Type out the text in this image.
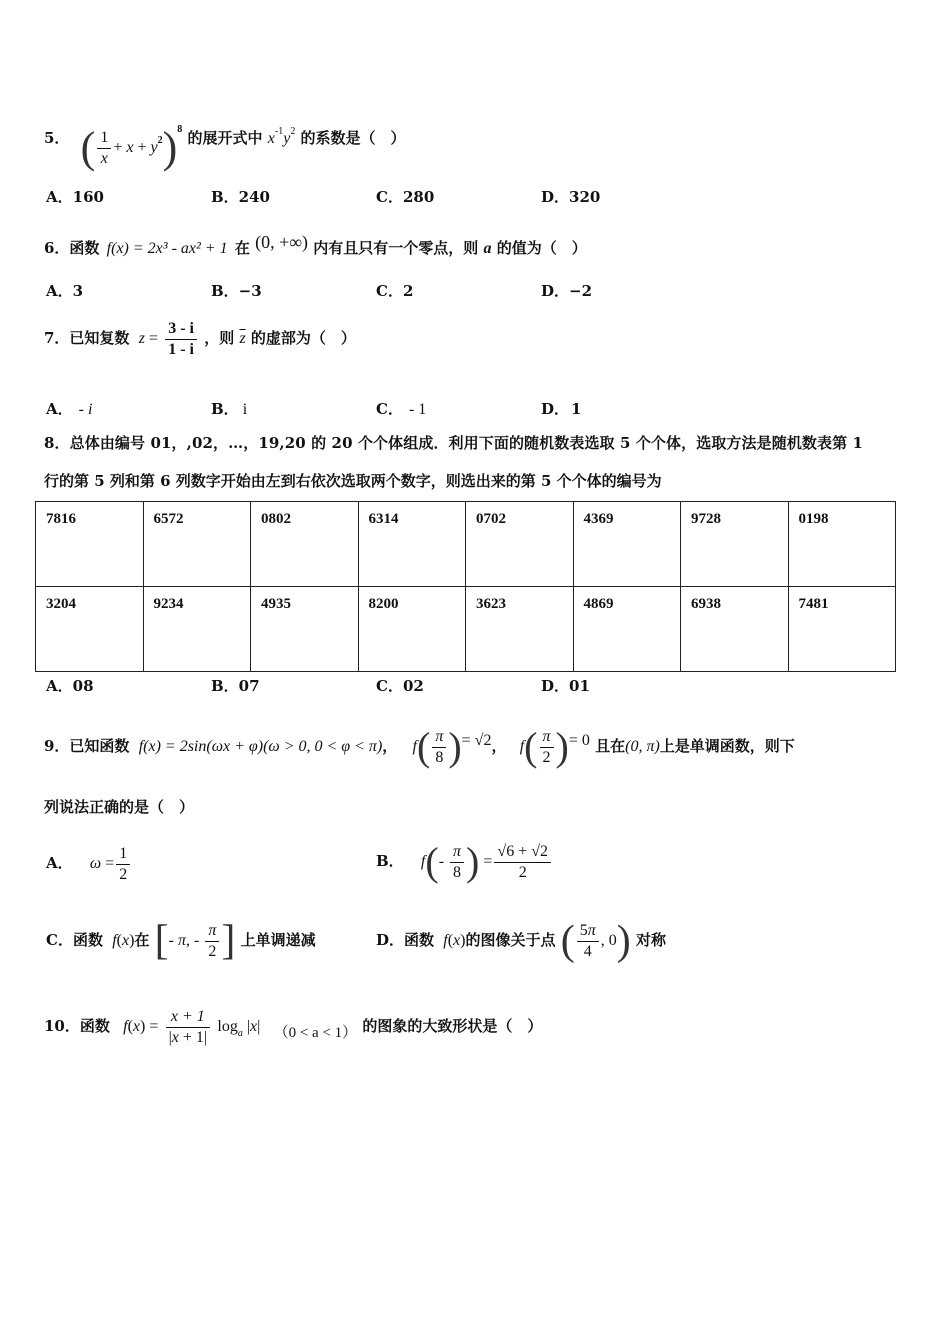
5． ( $\frac{1}{x} + x + y^2)^8$ 的展开式中 $x^{-1}y^2$ 的系数是（　）
A．160	B．240	C．280	D．320
6．函数 f(x) = 2x³ - ax² + 1 在 (0, +∞) 内有且只有一个零点，则 a 的值为（　）
A．3	B．−3	C．2	D．−2
7．已知复数 $z = \frac{3 - i}{1 - i}$ ，则 $\overline{z}$ 的虚部为（　）
A． - i	B． i	C． - 1	D． 1
8．总体由编号 01，,02，…，19,20 的 20 个个体组成．利用下面的随机数表选取 5 个个体，选取方法是随机数表第 1
行的第 5 列和第 6 列数字开始由左到右依次选取两个数字，则选出来的第 5 个个体的编号为
7816	6572	0802	6314	0702	4369	9728	0198

3204	9234	4935	8200	3623	4869	6938	7481
A．08	B．07	C．02	D．01
9．已知函数 f(x) = 2sin(ωx + φ)(ω > 0, 0 < φ < π)， $f( \frac{\pi}{8}$ )= √2， $f( \frac{\pi}{2}$ )= 0 且在(0, π)上是单调函数，则下
列说法正确的是（　）
A． $\omega = \frac{1}{2}$	B． $f(- \frac{\pi}{8}$ ) = $\frac{√6 + √2}{2}$
C．函数 f(x)在 [- π, - $\frac{\pi}{2}$ ] 上单调递减	D．函数 f(x)的图像关于点 ( $\frac{5\pi}{4}$ , 0) 对称
10．函数 $f(x) = \frac{x + 1}{|x + 1|} \log_a |x|$ （0 < a < 1） 的图象的大致形状是（　）
